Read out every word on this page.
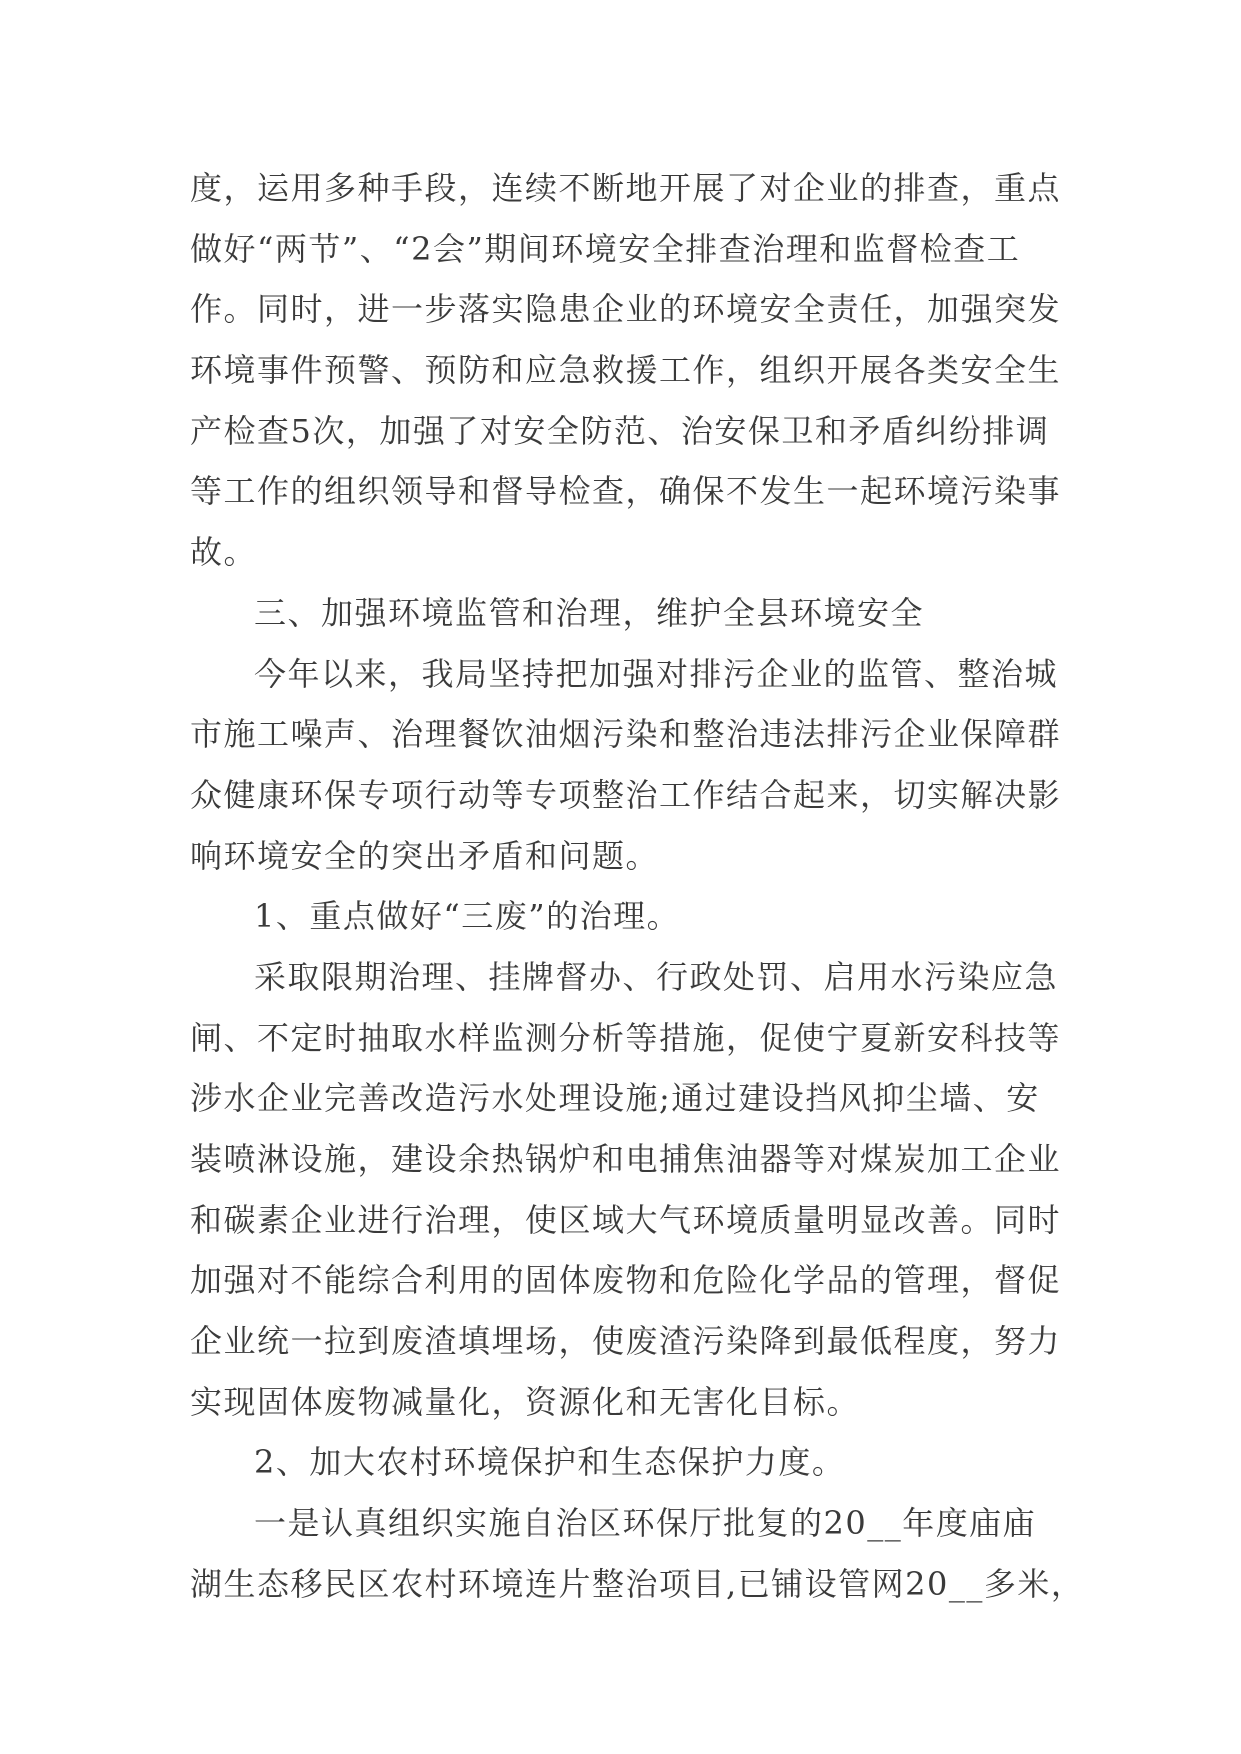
度，运用多种手段，连续不断地开展了对企业的排查，重点
做好“两节”、“2会”期间环境安全排查治理和监督检查工
作。同时，进一步落实隐患企业的环境安全责任，加强突发
环境事件预警、预防和应急救援工作，组织开展各类安全生
产检查5次，加强了对安全防范、治安保卫和矛盾纠纷排调
等工作的组织领导和督导检查，确保不发生一起环境污染事
故。
三、加强环境监管和治理，维护全县环境安全
今年以来，我局坚持把加强对排污企业的监管、整治城
市施工噪声、治理餐饮油烟污染和整治违法排污企业保障群
众健康环保专项行动等专项整治工作结合起来，切实解决影
响环境安全的突出矛盾和问题。
1、重点做好“三废”的治理。
采取限期治理、挂牌督办、行政处罚、启用水污染应急
闸、不定时抽取水样监测分析等措施，促使宁夏新安科技等
涉水企业完善改造污水处理设施;通过建设挡风抑尘墙、安
装喷淋设施，建设余热锅炉和电捕焦油器等对煤炭加工企业
和碳素企业进行治理，使区域大气环境质量明显改善。同时
加强对不能综合利用的固体废物和危险化学品的管理，督促
企业统一拉到废渣填埋场，使废渣污染降到最低程度，努力
实现固体废物减量化，资源化和无害化目标。
2、加大农村环境保护和生态保护力度。
一是认真组织实施自治区环保厅批复的20__年度庙庙
湖生态移民区农村环境连片整治项目,已铺设管网20__多米，
